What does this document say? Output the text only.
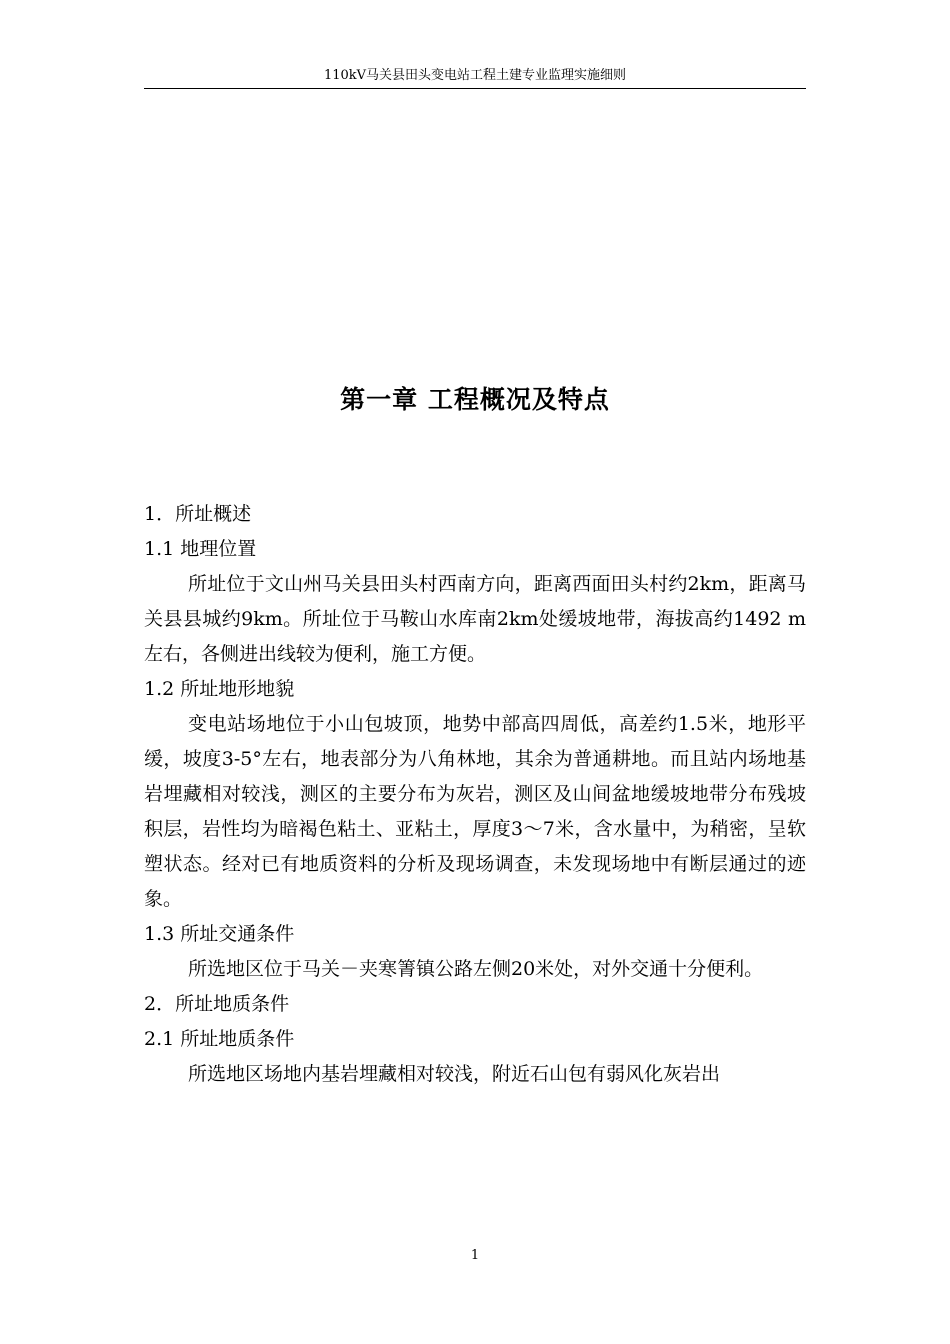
110kV马关县田头变电站工程土建专业监理实施细则
第一章 工程概况及特点

1．所址概述

1.1 地理位置

所址位于文山州马关县田头村西南方向，距离西面田头村约2km，距离马关县县城约9km。所址位于马鞍山水库南2km处缓坡地带，海拔高约1492 m左右，各侧进出线较为便利，施工方便。

1.2 所址地形地貌

变电站场地位于小山包坡顶，地势中部高四周低，高差约1.5米，地形平缓，坡度3-5°左右，地表部分为八角林地，其余为普通耕地。而且站内场地基岩埋藏相对较浅，测区的主要分布为灰岩，测区及山间盆地缓坡地带分布残坡积层，岩性均为暗褐色粘土、亚粘土，厚度3～7米，含水量中，为稍密，呈软塑状态。经对已有地质资料的分析及现场调查，未发现场地中有断层通过的迹象。

1.3 所址交通条件

所选地区位于马关－夹寒箐镇公路左侧20米处，对外交通十分便利。

2．所址地质条件

2.1 所址地质条件

所选地区场地内基岩埋藏相对较浅，附近石山包有弱风化灰岩出

1
